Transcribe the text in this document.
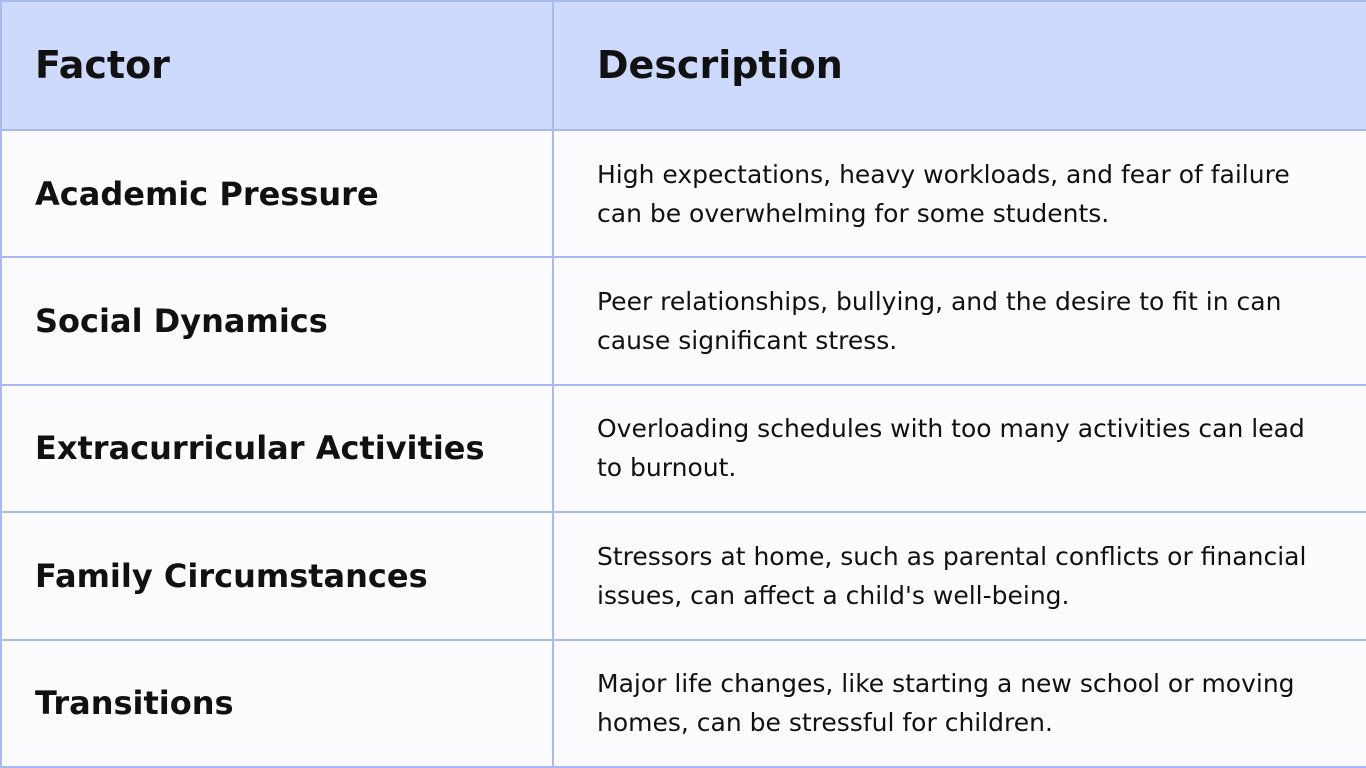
Factor	Description
Academic Pressure	High expectations, heavy workloads, and fear of failure can be overwhelming for some students.
Social Dynamics	Peer relationships, bullying, and the desire to fit in can cause significant stress.
Extracurricular Activities	Overloading schedules with too many activities can lead to burnout.
Family Circumstances	Stressors at home, such as parental conflicts or financial issues, can affect a child's well-being.
Transitions	Major life changes, like starting a new school or moving homes, can be stressful for children.
